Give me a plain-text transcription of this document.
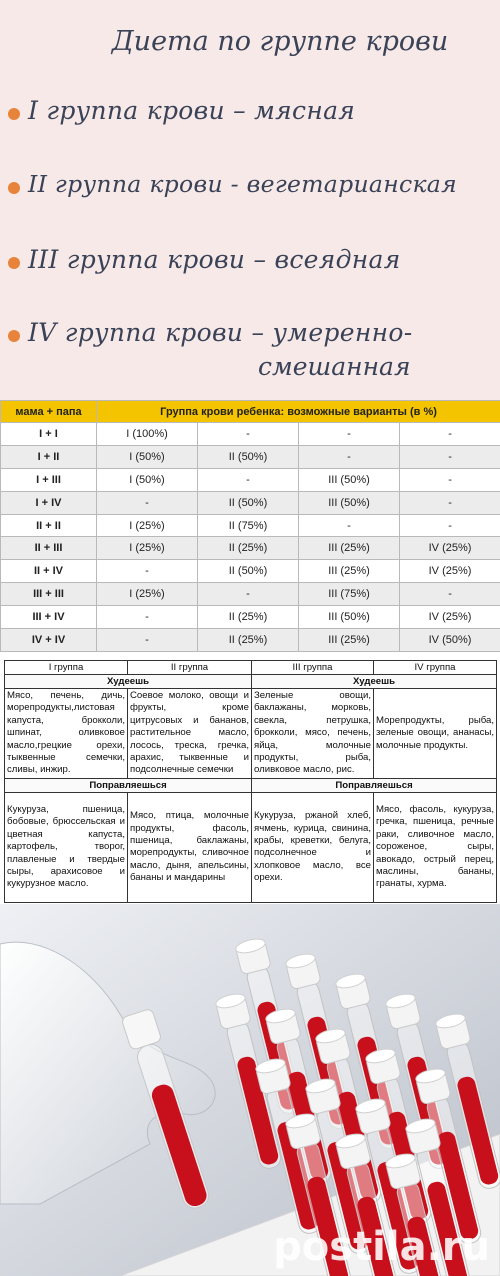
Диета по группе крови
I группа крови – мясная
II группа крови - вегетарианская
III группа крови – всеядная
IV группа крови – умеренно-
смешанная
мама + папа	Группа крови ребенка: возможные варианты (в %)			
I + I	I (100%)	-	-	-
I + II	I (50%)	II (50%)	-	-
I + III	I (50%)	-	III (50%)	-
I + IV	-	II (50%)	III (50%)	-
II + II	I (25%)	II (75%)	-	-
II + III	I (25%)	II (25%)	III (25%)	IV (25%)
II + IV	-	II (50%)	III (25%)	IV (25%)
III + III	I (25%)	-	III (75%)	-
III + IV	-	II (25%)	III (50%)	IV (25%)
IV + IV	-	II (25%)	III (25%)	IV (50%)
I группа	II группа	III группа	IV группа
Худеешь		Худеешь	
Мясо, печень, дичь, морепродукты,листовая капуста, брокколи, шпинат, оливковое масло,грецкие орехи, тыквенные семечки, сливы, инжир.	Соевое молоко, овощи и фрукты, кроме цитрусовых и бананов, растительное масло, лосось, треска, гречка, арахис, тыквенные и подсолнечные семечки	Зеленые овощи, баклажаны, морковь, свекла, петрушка, брокколи, мясо, печень, яйца, молочные продукты, рыба, оливковое масло, рис.	Морепродукты, рыба, зеленые овощи, ананасы, молочные продукты.
Поправляешься		Поправляешься	
Кукуруза, пшеница, бобовые, брюссельская и цветная капуста, картофель, творог, плавленые и твердые сыры, арахисовое и кукурузное масло.	Мясо, птица, молочные продукты, фасоль, пшеница, баклажаны, морепродукты, сливочное масло, дыня, апельсины, бананы и мандарины	Кукуруза, ржаной хлеб, ячмень, курица, свинина, крабы, креветки, белуга, подсолнечное и хлопковое масло, все орехи.	Мясо, фасоль, кукуруза, гречка, пшеница, речные раки, сливочное масло, сороженое, сыры, авокадо, острый перец, маслины, бананы, гранаты, хурма.
postila.ru
